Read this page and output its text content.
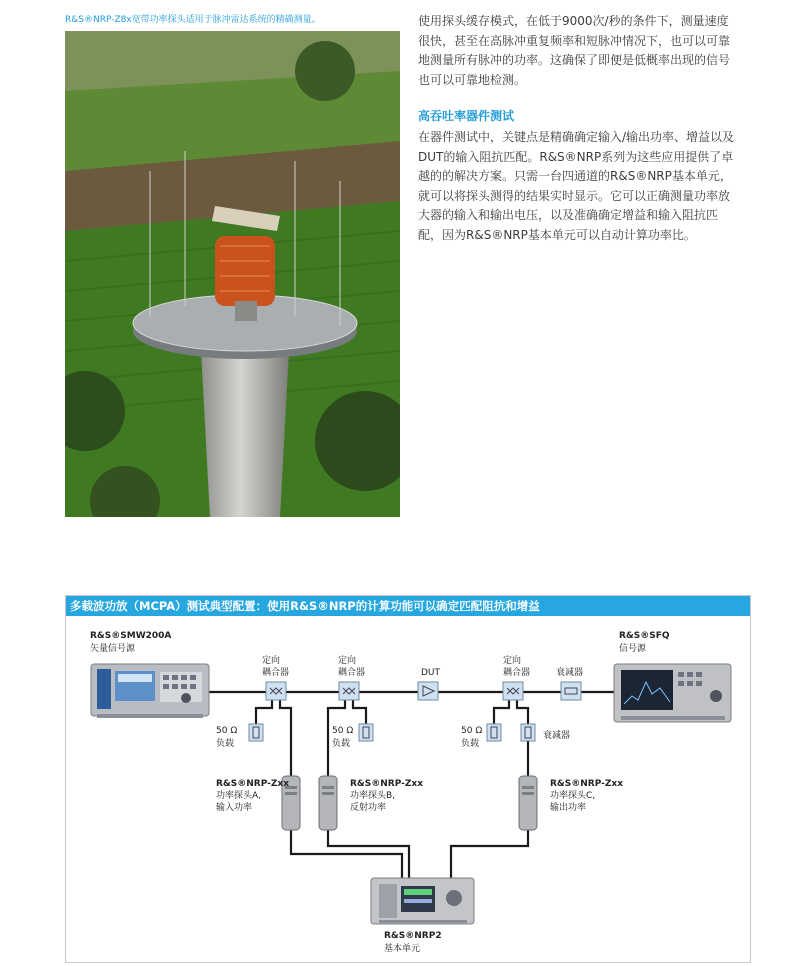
R&S®NRP-Z8x宽带功率探头适用于脉冲雷达系统的精确测量。	使用探头缓存模式，在低于9000次/秒的条件下，测量速度
很快，甚至在高脉冲重复频率和短脉冲情况下，也可以可靠
地测量所有脉冲的功率。这确保了即便是低概率出现的信号
也可以可靠地检测。

高吞吐率器件测试

在器件测试中，关键点是精确确定输入/输出功率、增益以及
DUT的输入阻抗匹配。R&S®NRP系列为这些应用提供了卓
越的的解决方案。只需一台四通道的R&S®NRP基本单元，
就可以将探头测得的结果实时显示。它可以正确测量功率放
大器的输入和输出电压，以及准确确定增益和输入阻抗匹
配，因为R&S®NRP基本单元可以自动计算功率比。

多载波功放（MCPA）测试典型配置：使用R&S®NRP的计算功能可以确定匹配阻抗和增益
R&S®SMW200A
矢量信号源
定向
耦合器
定向
耦合器
定向
耦合器
DUT	衰减器
R&S®SFQ
信号源
50 Ω
负载
50 Ω
负载
50 Ω
负载
衰减器
R&S®NRP-Zxx
功率探头A,
输入功率
R&S®NRP-Zxx
功率探头B,
反射功率
R&S®NRP-Zxx
功率探头C,
输出功率
R&S®NRP2
基本单元
